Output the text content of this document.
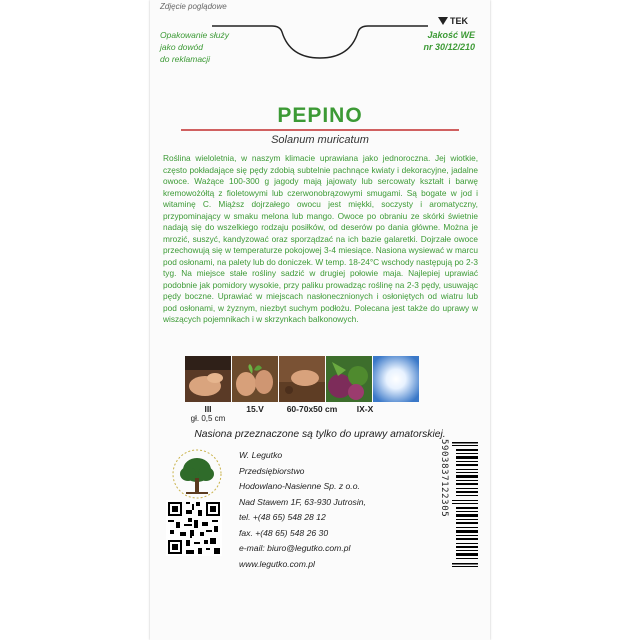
Zdjęcie poglądowe
TEK
Jakość WE
nr 30/12/210
Opakowanie służy
jako dowód
do reklamacji
PEPINO
Solanum muricatum
Roślina wieloletnia, w naszym klimacie uprawiana jako jednoroczna. Jej wiotkie, często pokładające się pędy zdobią subtelnie pachnące kwiaty i dekoracyjne, jadalne owoce. Ważące 100-300 g jagody mają jajowaty lub sercowaty kształt i barwę kremowożółtą z fioletowymi lub czerwonobrązowymi smugami. Są bogate w jod i witaminę C. Miąższ dojrzałego owocu jest miękki, soczysty i aromatyczny, przypominający w smaku melona lub mango. Owoce po obraniu ze skórki świetnie nadają się do wszelkiego rodzaju posiłków, od deserów po dania główne. Można je mrozić, suszyć, kandyzować oraz sporządzać na ich bazie galaretki. Dojrzałe owoce przechowują się w temperaturze pokojowej 3-4 miesiące. Nasiona wysiewać w marcu pod osłonami, na palety lub do doniczek. W temp. 18-24°C wschody następują po 2-3 tyg. Na miejsce stałe rośliny sadzić w drugiej połowie maja. Najlepiej uprawiać podobnie jak pomidory wysokie, przy paliku prowadząc roślinę na 2-3 pędy, usuwając pędy boczne. Uprawiać w miejscach nasłonecznionych i osłoniętych od wiatru lub pod osłonami, w żyznym, niezbyt suchym podłożu. Polecana jest także do uprawy w wiszących pojemnikach i w skrzynkach balkonowych.
III
gł. 0,5 cm
15.V	60-70x50 cm	IX-X
Nasiona przeznaczone są tylko do uprawy amatorskiej.
W. Legutko
Przedsiębiorstwo
Hodowlano-Nasienne Sp. z o.o.
Nad Stawem 1F, 63-930 Jutrosin,
tel. +(48 65) 548 28 12
fax. +(48 65) 548 26 30
e-mail: biuro@legutko.com.pl
www.legutko.com.pl
5903837122305
